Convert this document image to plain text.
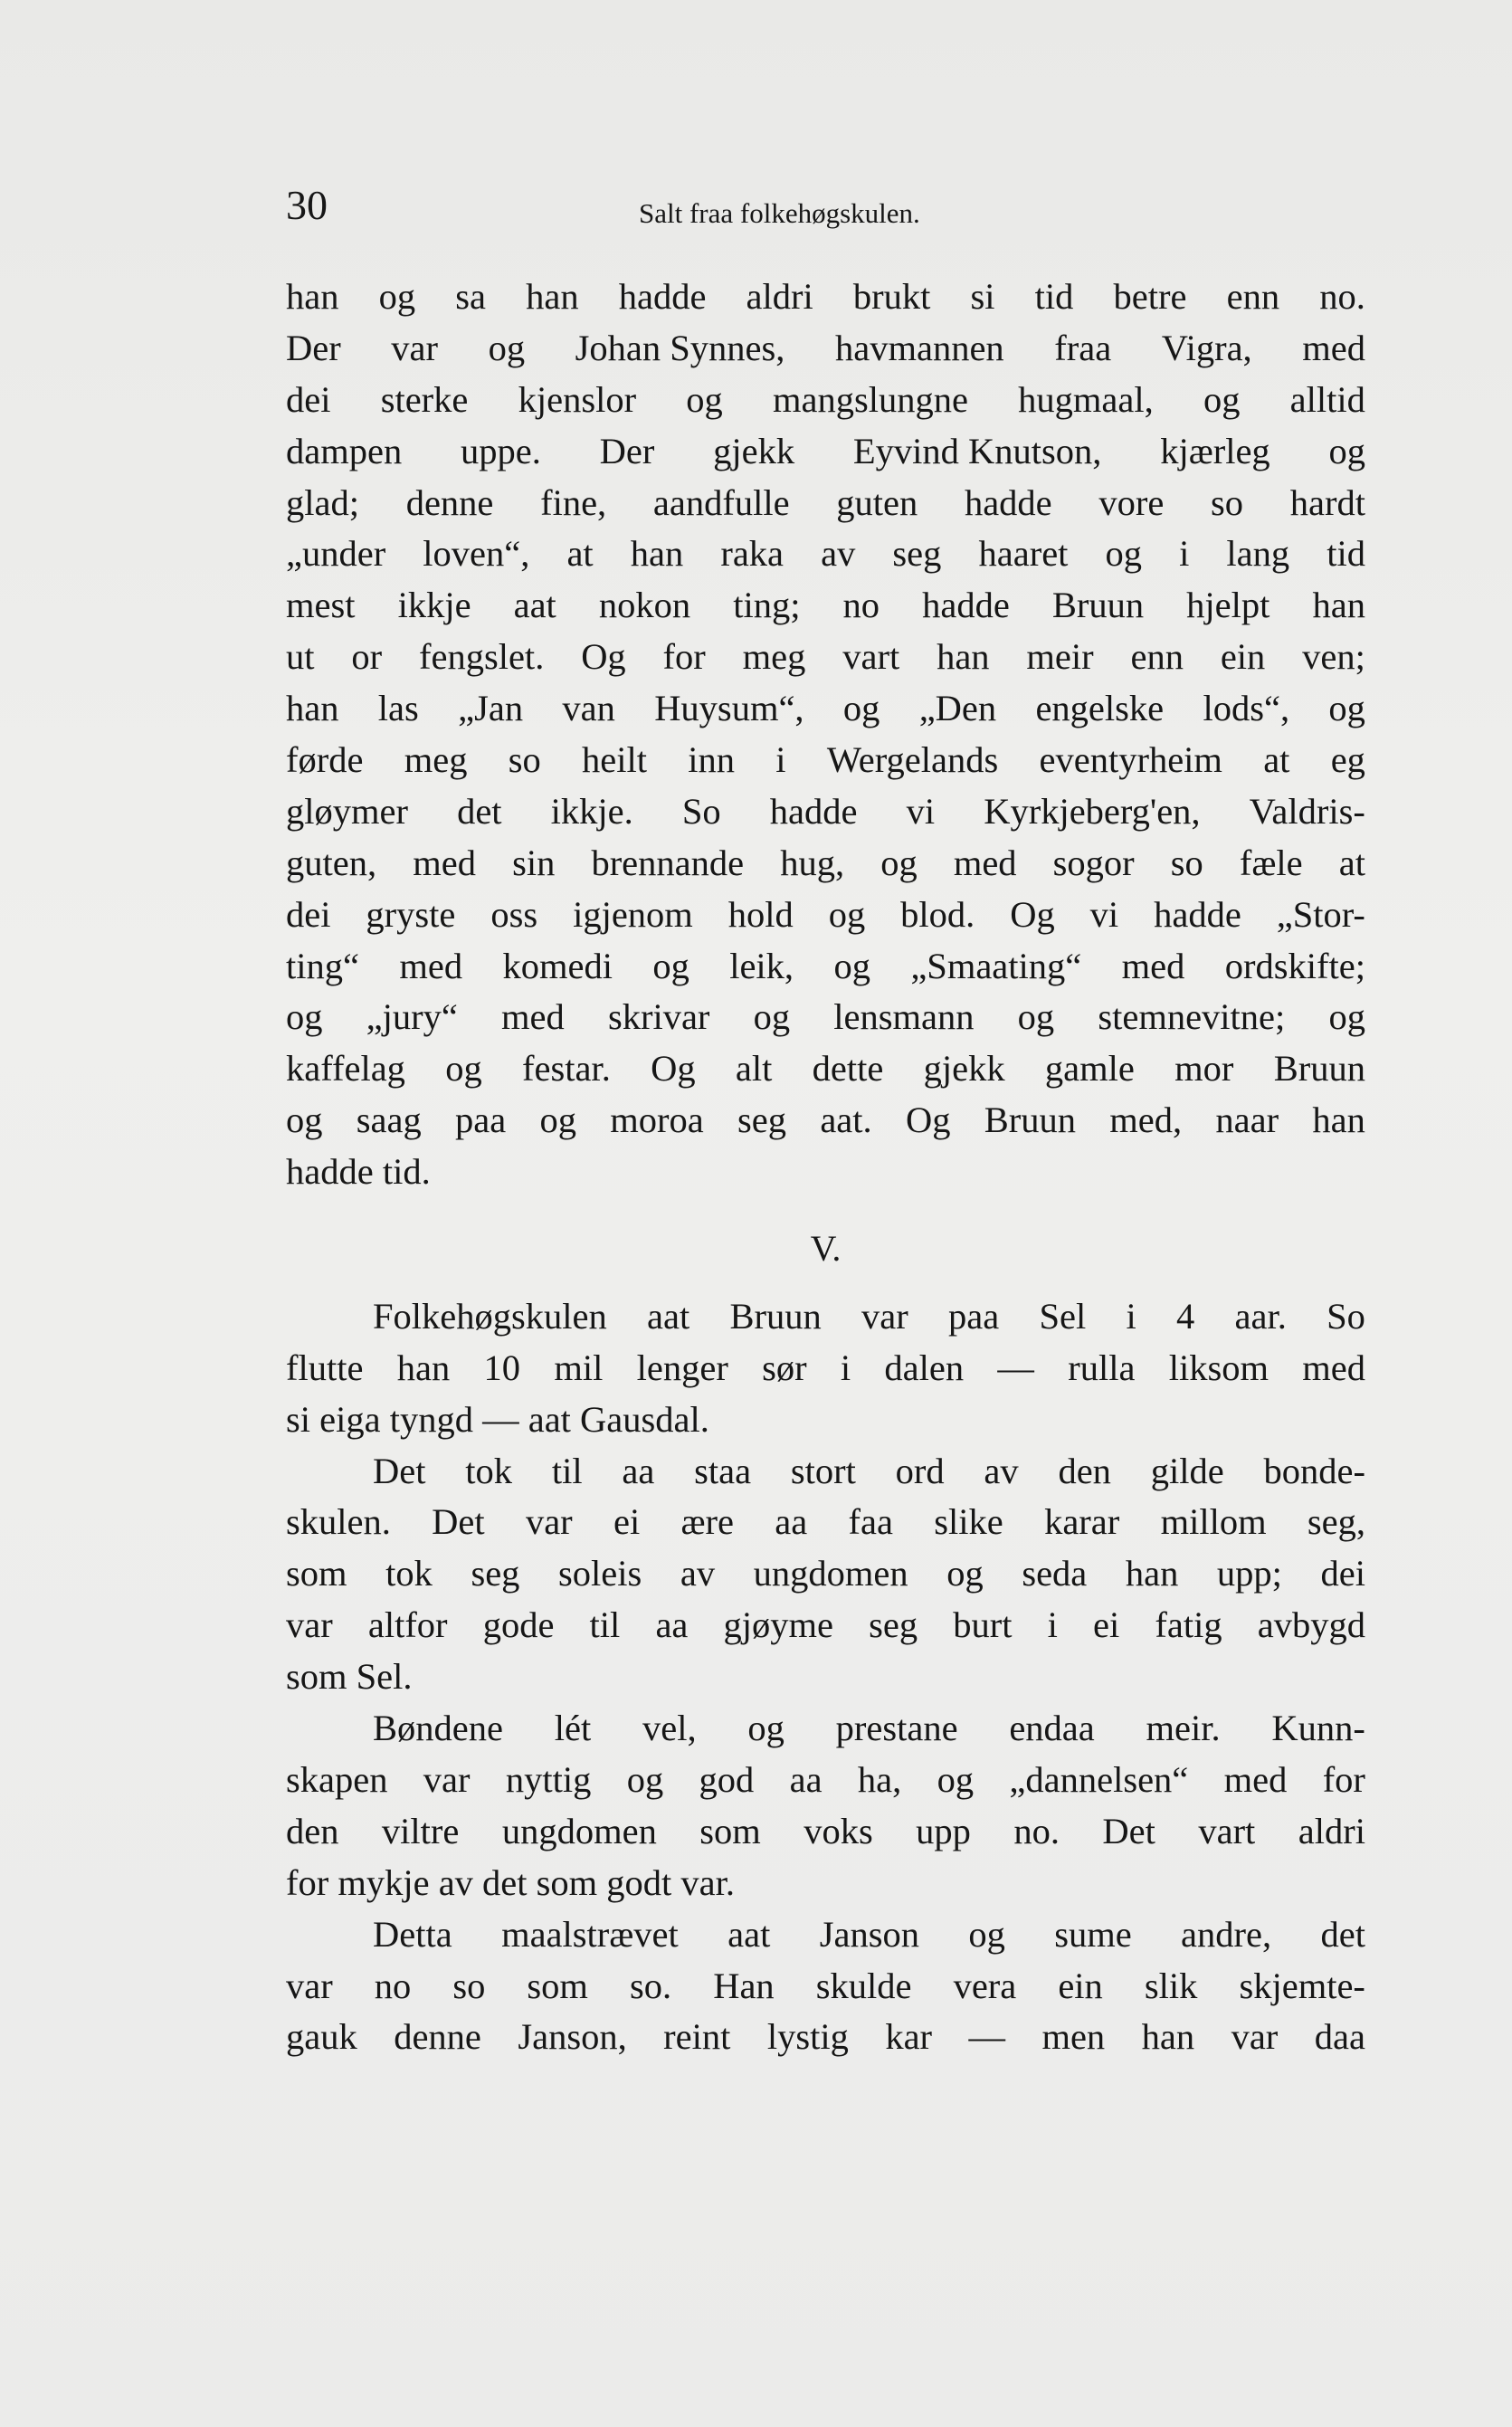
30	Salt fraa folkehøgskulen.
han og sa han hadde aldri brukt si tid betre enn no.
Der var og Johan Synnes, havmannen fraa Vigra, med
dei sterke kjenslor og mangslungne hugmaal, og alltid
dampen uppe. Der gjekk Eyvind Knutson, kjærleg og
glad; denne fine, aandfulle guten hadde vore so hardt
„under loven“, at han raka av seg haaret og i lang tid
mest ikkje aat nokon ting; no hadde Bruun hjelpt han
ut or fengslet. Og for meg vart han meir enn ein ven;
han las „Jan van Huysum“, og „Den engelske lods“, og
førde meg so heilt inn i Wergelands eventyrheim at eg
gløymer det ikkje. So hadde vi Kyrkjeberg'en, Valdris-
guten, med sin brennande hug, og med sogor so fæle at
dei gryste oss igjenom hold og blod. Og vi hadde „Stor-
ting“ med komedi og leik, og „Smaating“ med ordskifte;
og „jury“ med skrivar og lensmann og stemnevitne; og
kaffelag og festar. Og alt dette gjekk gamle mor Bruun
og saag paa og moroa seg aat. Og Bruun med, naar han
hadde tid.
V.
Folkehøgskulen aat Bruun var paa Sel i 4 aar. So
flutte han 10 mil lenger sør i dalen — rulla liksom med
si eiga tyngd — aat Gausdal.
Det tok til aa staa stort ord av den gilde bonde-
skulen. Det var ei ære aa faa slike karar millom seg,
som tok seg soleis av ungdomen og seda han upp; dei
var altfor gode til aa gjøyme seg burt i ei fatig avbygd
som Sel.
Bøndene lét vel, og prestane endaa meir. Kunn-
skapen var nyttig og god aa ha, og „dannelsen“ med for
den viltre ungdomen som voks upp no. Det vart aldri
for mykje av det som godt var.
Detta maalstrævet aat Janson og sume andre, det
var no so som so. Han skulde vera ein slik skjemte-
gauk denne Janson, reint lystig kar — men han var daa
